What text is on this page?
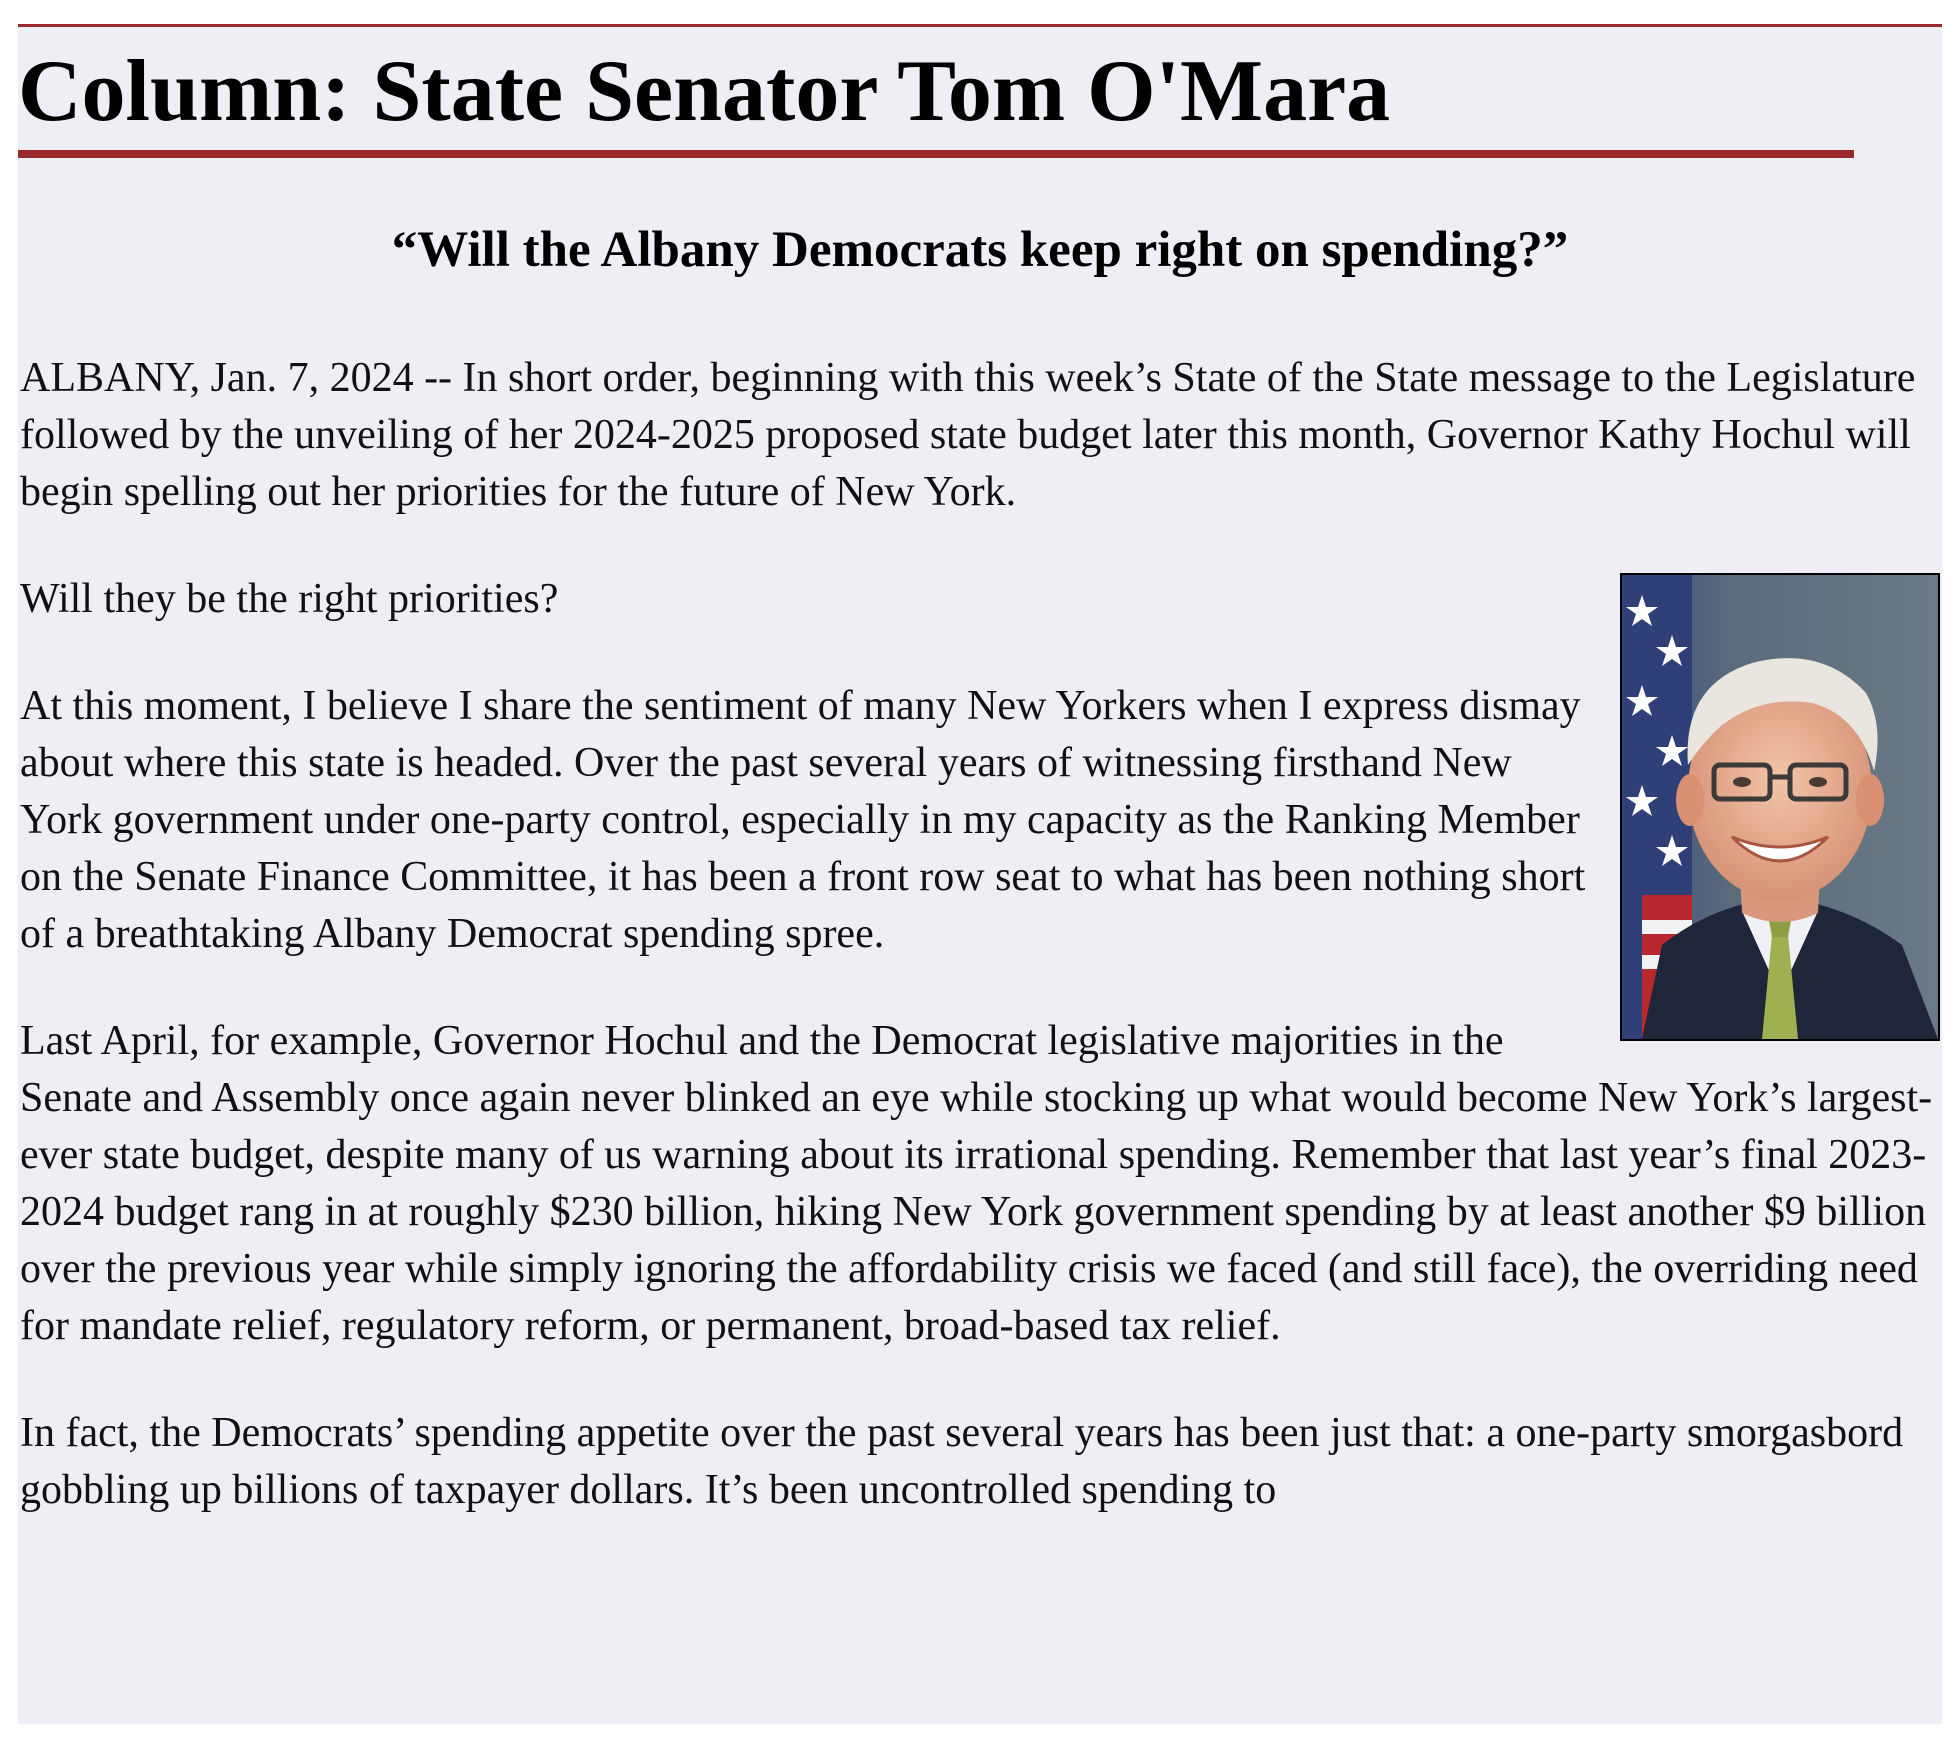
Column: State Senator Tom O'Mara
“Will the Albany Democrats keep right on spending?”

ALBANY, Jan. 7, 2024 -- In short order, beginning with this week’s State of the State message to the Legislature followed by the unveiling of her 2024-2025 proposed state budget later this month, Governor Kathy Hochul will begin spelling out her priorities for the future of New York.

Will they be the right priorities?

At this moment, I believe I share the sentiment of many New Yorkers when I express dismay about where this state is headed. Over the past several years of witnessing firsthand New York government under one-party control, especially in my capacity as the Ranking Member on the Senate Finance Committee, it has been a front row seat to what has been nothing short of a breathtaking Albany Democrat spending spree.

Last April, for example, Governor Hochul and the Democrat legislative majorities in the Senate and Assembly once again never blinked an eye while stocking up what would become New York’s largest-ever state budget, despite many of us warning about its irrational spending. Remember that last year’s final 2023-2024 budget rang in at roughly $230 billion, hiking New York government spending by at least another $9 billion over the previous year while simply ignoring the affordability crisis we faced (and still face), the overriding need for mandate relief, regulatory reform, or permanent, broad-based tax relief.

In fact, the Democrats’ spending appetite over the past several years has been just that: a one-party smorgasbord gobbling up billions of taxpayer dollars. It’s been uncontrolled spending to
